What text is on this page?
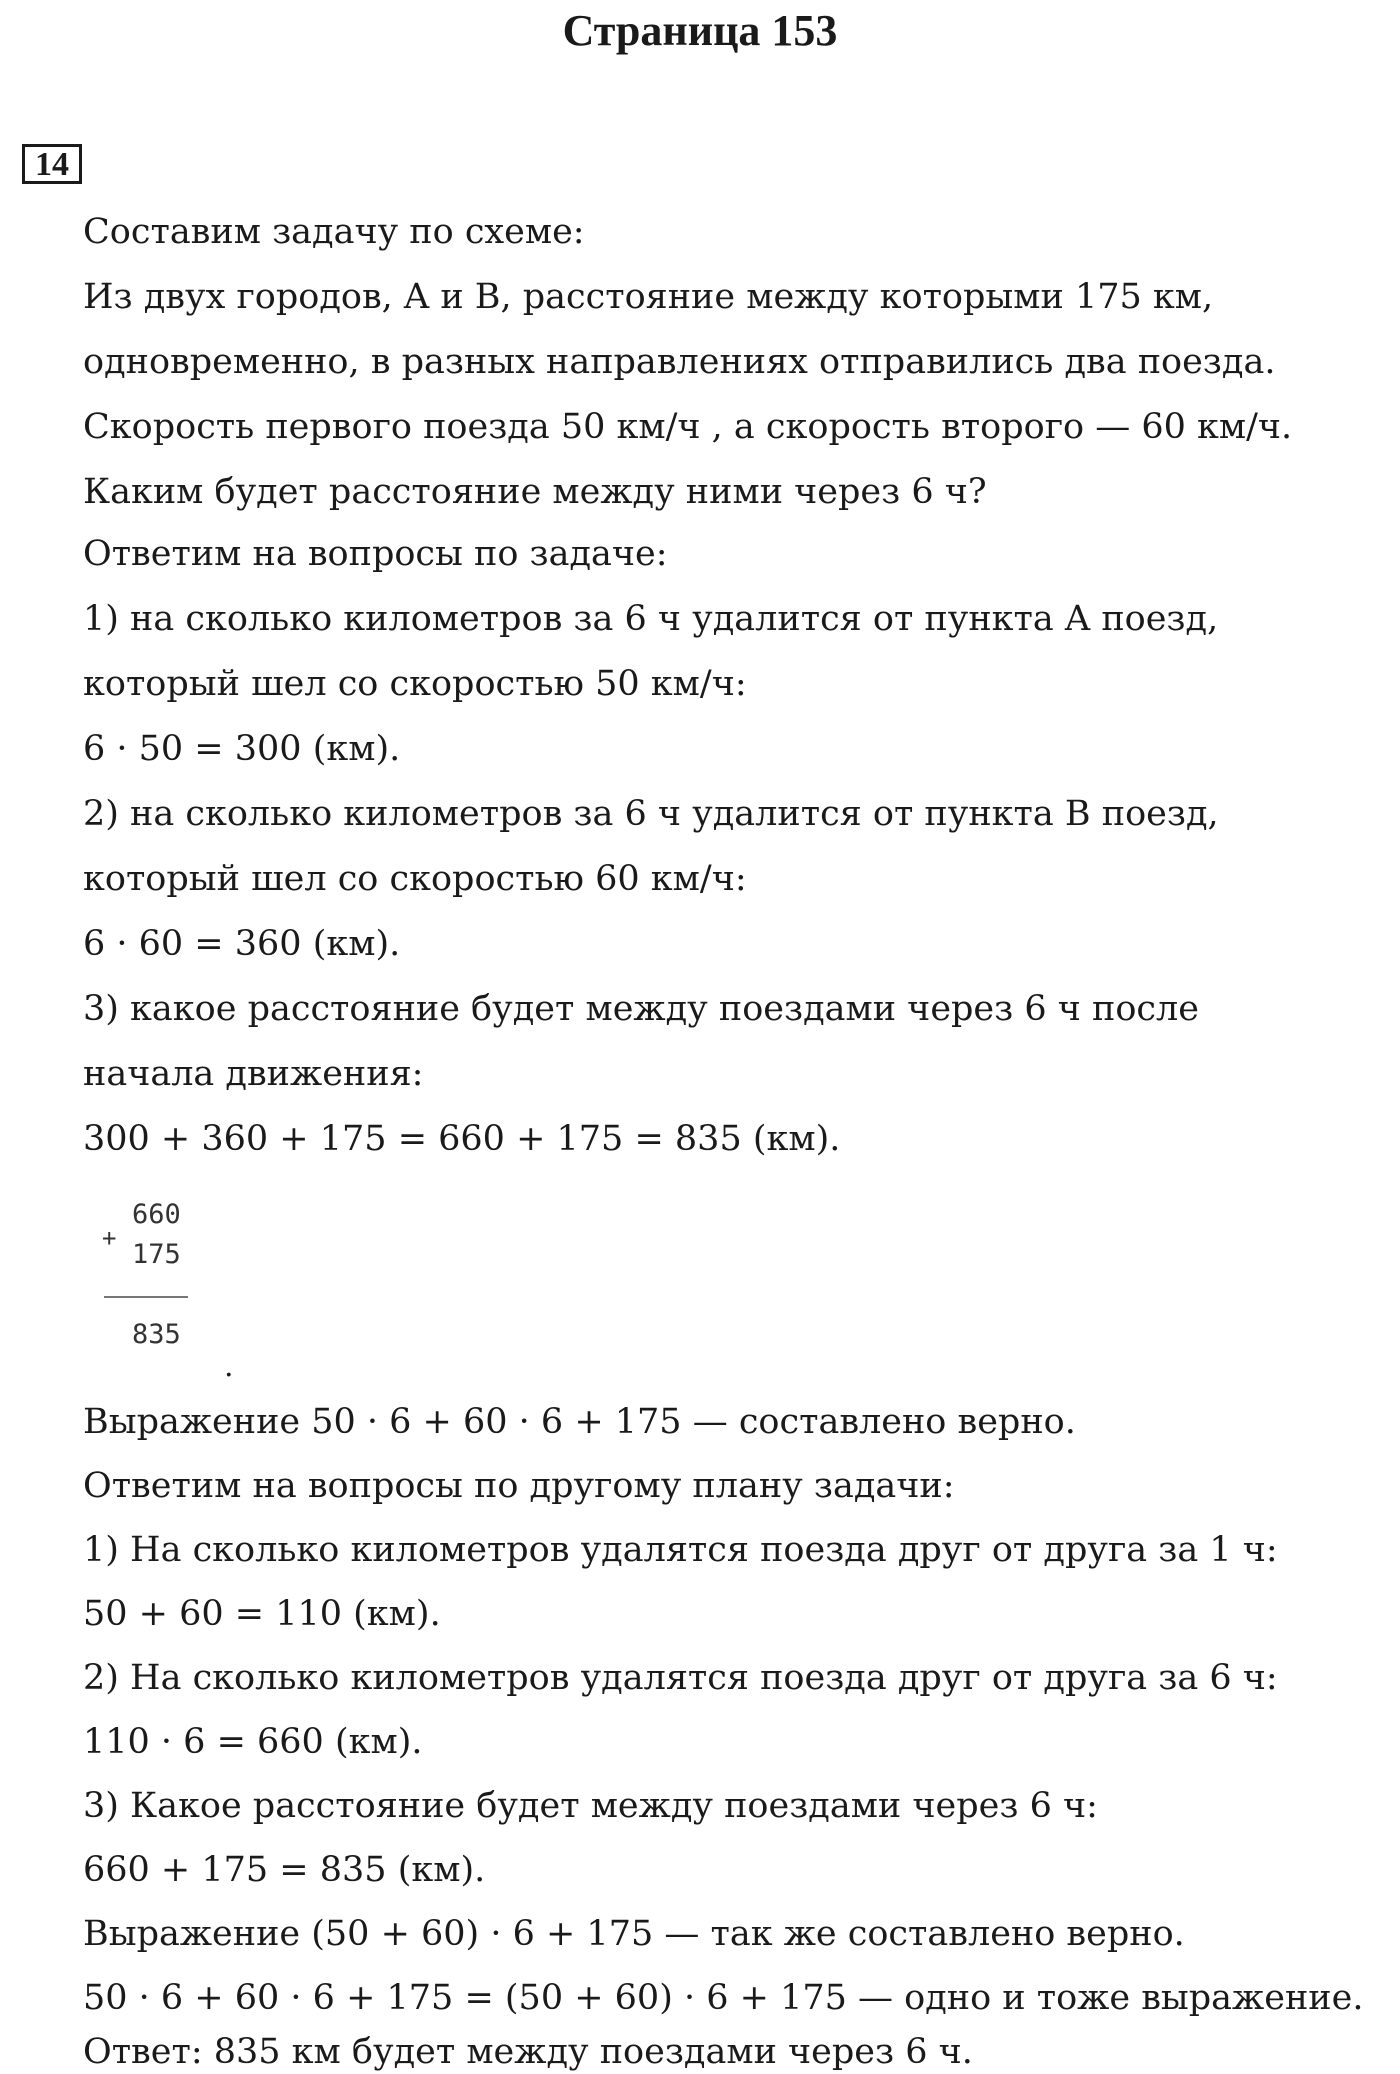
Страница 153
14

Составим задачу по схеме:

Из двух городов, A и B, расстояние между которыми 175 км,

одновременно, в разных направлениях отправились два поезда.

Скорость первого поезда 50 км/ч , а скорость второго — 60 км/ч.

Каким будет расстояние между ними через 6 ч?

Ответим на вопросы по задаче:

1) на сколько километров за 6 ч удалится от пункта A поезд,

который шел со скоростью 50 км/ч:

6 · 50 = 300 (км).

2) на сколько километров за 6 ч удалится от пункта B поезд,

который шел со скоростью 60 км/ч:

6 · 60 = 360 (км).

3) какое расстояние будет между поездами через 6 ч после

начала движения:

300 + 360 + 175 = 660 + 175 = 835 (км).

+
660
175
835
.

Выражение 50 · 6 + 60 · 6 + 175 — составлено верно.

Ответим на вопросы по другому плану задачи:

1) На сколько километров удалятся поезда друг от друга за 1 ч:

50 + 60 = 110 (км).

2) На сколько километров удалятся поезда друг от друга за 6 ч:

110 · 6 = 660 (км).

3) Какое расстояние будет между поездами через 6 ч:

660 + 175 = 835 (км).

Выражение (50 + 60) · 6 + 175 — так же составлено верно.

50 · 6 + 60 · 6 + 175 = (50 + 60) · 6 + 175 — одно и тоже выражение.

Ответ: 835 км будет между поездами через 6 ч.
